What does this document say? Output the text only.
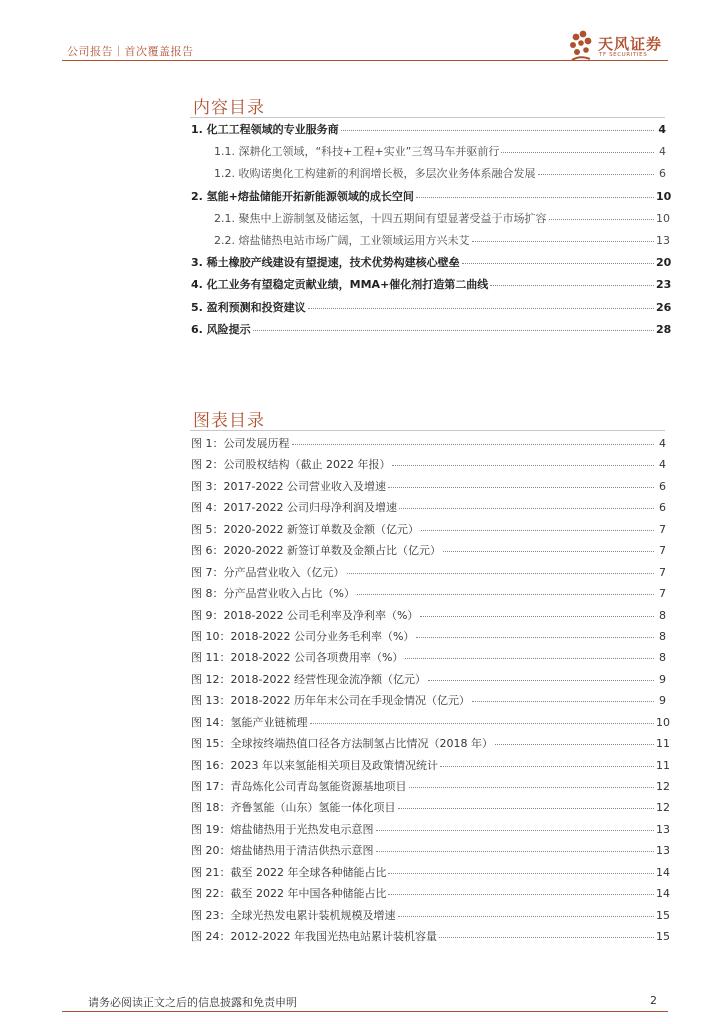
公司报告｜首次覆盖报告	天风证券
TF SECURITIES
内容目录
1. 化工工程领域的专业服务商	4
1.1. 深耕化工领域，“科技+工程+实业”三驾马车并驱前行	4
1.2. 收购诺奥化工构建新的利润增长极，多层次业务体系融合发展	6
2. 氢能+熔盐储能开拓新能源领域的成长空间	10
2.1. 聚焦中上游制氢及储运氢，十四五期间有望显著受益于市场扩容	10
2.2. 熔盐储热电站市场广阔，工业领域运用方兴未艾	13
3. 稀土橡胶产线建设有望提速，技术优势构建核心壁垒	20
4. 化工业务有望稳定贡献业绩，MMA+催化剂打造第二曲线	23
5. 盈利预测和投资建议	26
6. 风险提示	28
图表目录
图 1：公司发展历程	4
图 2：公司股权结构（截止 2022 年报）	4
图 3：2017-2022 公司营业收入及增速	6
图 4：2017-2022 公司归母净利润及增速	6
图 5：2020-2022 新签订单数及金额（亿元）	7
图 6：2020-2022 新签订单数及金额占比（亿元）	7
图 7：分产品营业收入（亿元）	7
图 8：分产品营业收入占比（%）	7
图 9：2018-2022 公司毛利率及净利率（%）	8
图 10：2018-2022 公司分业务毛利率（%）	8
图 11：2018-2022 公司各项费用率（%）	8
图 12：2018-2022 经营性现金流净额（亿元）	9
图 13：2018-2022 历年年末公司在手现金情况（亿元）	9
图 14：氢能产业链梳理	10
图 15：全球按终端热值口径各方法制氢占比情况（2018 年）	11
图 16：2023 年以来氢能相关项目及政策情况统计	11
图 17：青岛炼化公司青岛氢能资源基地项目	12
图 18：齐鲁氢能（山东）氢能一体化项目	12
图 19：熔盐储热用于光热发电示意图	13
图 20：熔盐储热用于清洁供热示意图	13
图 21：截至 2022 年全球各种储能占比	14
图 22：截至 2022 年中国各种储能占比	14
图 23：全球光热发电累计装机规模及增速	15
图 24：2012-2022 年我国光热电站累计装机容量	15
请务必阅读正文之后的信息披露和免责申明	2
